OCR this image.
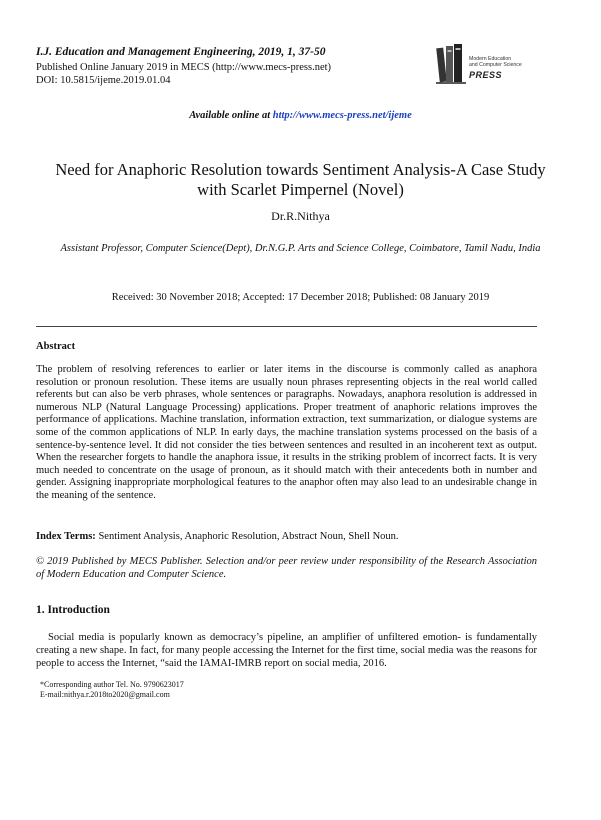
I.J. Education and Management Engineering, 2019, 1, 37-50
Published Online January 2019 in MECS (http://www.mecs-press.net)
DOI: 10.5815/ijeme.2019.01.04
Modern Education
and Computer Science
PRESS
Available online at http://www.mecs-press.net/ijeme
Need for Anaphoric Resolution towards Sentiment Analysis-A Case Study with Scarlet Pimpernel (Novel)
Dr.R.Nithya
Assistant Professor, Computer Science(Dept), Dr.N.G.P. Arts and Science College, Coimbatore, Tamil Nadu, India
Received: 30 November 2018; Accepted: 17 December 2018; Published: 08 January 2019
Abstract
The problem of resolving references to earlier or later items in the discourse is commonly called as anaphora resolution or pronoun resolution. These items are usually noun phrases representing objects in the real world called referents but can also be verb phrases, whole sentences or paragraphs. Nowadays, anaphora resolution is addressed in numerous NLP (Natural Language Processing) applications. Proper treatment of anaphoric relations improves the performance of applications. Machine translation, information extraction, text summarization, or dialogue systems are some of the common applications of NLP. In early days, the machine translation systems processed on the basis of a sentence-by-sentence level. It did not consider the ties between sentences and resulted in an incoherent text as output. When the researcher forgets to handle the anaphora issue, it results in the striking problem of incorrect facts. It is very much needed to concentrate on the usage of pronoun, as it should match with their antecedents both in number and gender. Assigning inappropriate morphological features to the anaphor often may also lead to an undesirable change in the meaning of the sentence.
Index Terms: Sentiment Analysis, Anaphoric Resolution, Abstract Noun, Shell Noun.
© 2019 Published by MECS Publisher. Selection and/or peer review under responsibility of the Research Association of Modern Education and Computer Science.
1. Introduction
Social media is popularly known as democracy’s pipeline, an amplifier of unfiltered emotion- is fundamentally creating a new shape. In fact, for many people accessing the Internet for the first time, social media was the reasons for people to access the Internet, “said the IAMAI-IMRB report on social media, 2016.
*Corresponding author Tel. No. 9790623017
E-mail:nithya.r.2018to2020@gmail.com
